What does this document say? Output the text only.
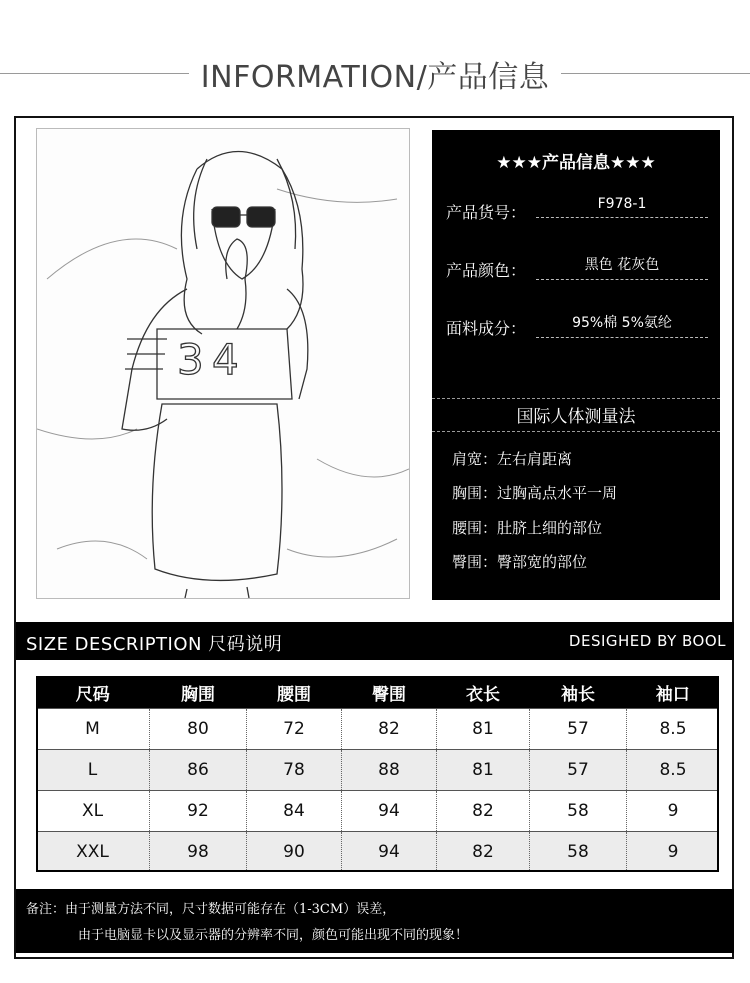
INFORMATION/产品信息
3 4
★★★产品信息★★★
产品货号：	F978-1
产品颜色：	黑色 花灰色
面料成分：	95%棉 5%氨纶
国际人体测量法
肩宽：左右肩距离
胸围：过胸高点水平一周
腰围：肚脐上细的部位
臀围：臀部宽的部位
SIZE DESCRIPTION 尺码说明	DESIGHED BY BOOL
尺码	胸围	腰围	臀围	衣长	袖长	袖口
M	80	72	82	81	57	8.5
L	86	78	88	81	57	8.5
XL	92	84	94	82	58	9
XXL	98	90	94	82	58	9
备注：由于测量方法不同，尺寸数据可能存在（1-3CM）误差，
由于电脑显卡以及显示器的分辨率不同，颜色可能出现不同的现象！
